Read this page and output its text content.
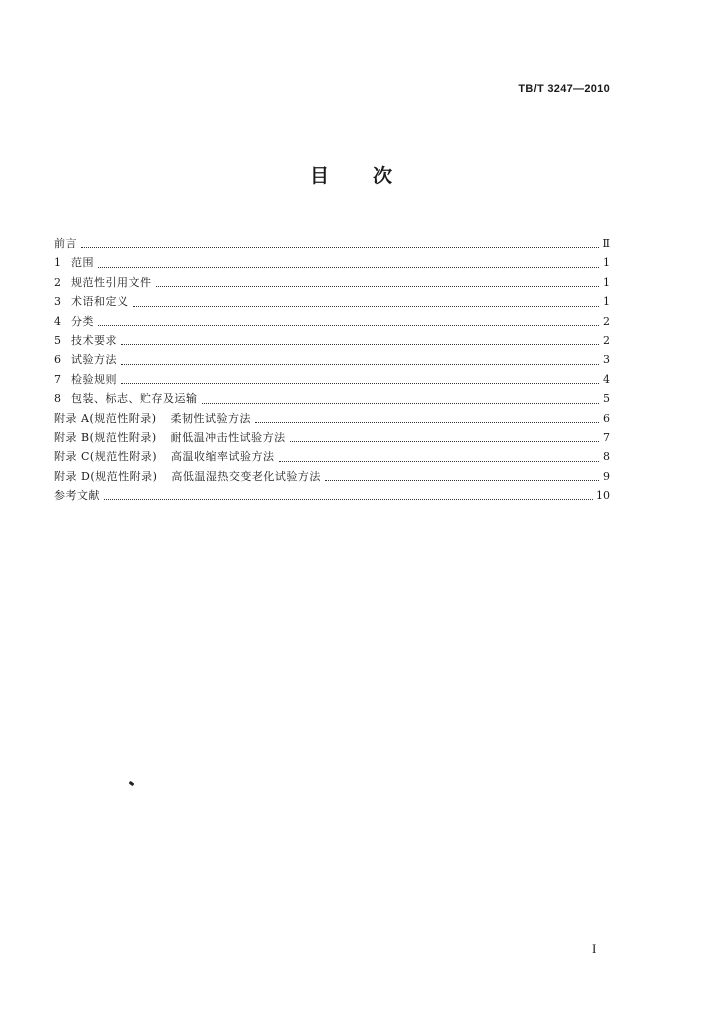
TB/T 3247—2010
目 次
前言	Ⅱ
1 范围	1
2 规范性引用文件	1
3 术语和定义	1
4 分类	2
5 技术要求	2
6 试验方法	3
7 检验规则	4
8 包装、标志、贮存及运输	5
附录 A(规范性附录) 柔韧性试验方法	6
附录 B(规范性附录) 耐低温冲击性试验方法	7
附录 C(规范性附录) 高温收缩率试验方法	8
附录 D(规范性附录) 高低温湿热交变老化试验方法	9
参考文献	10
I
